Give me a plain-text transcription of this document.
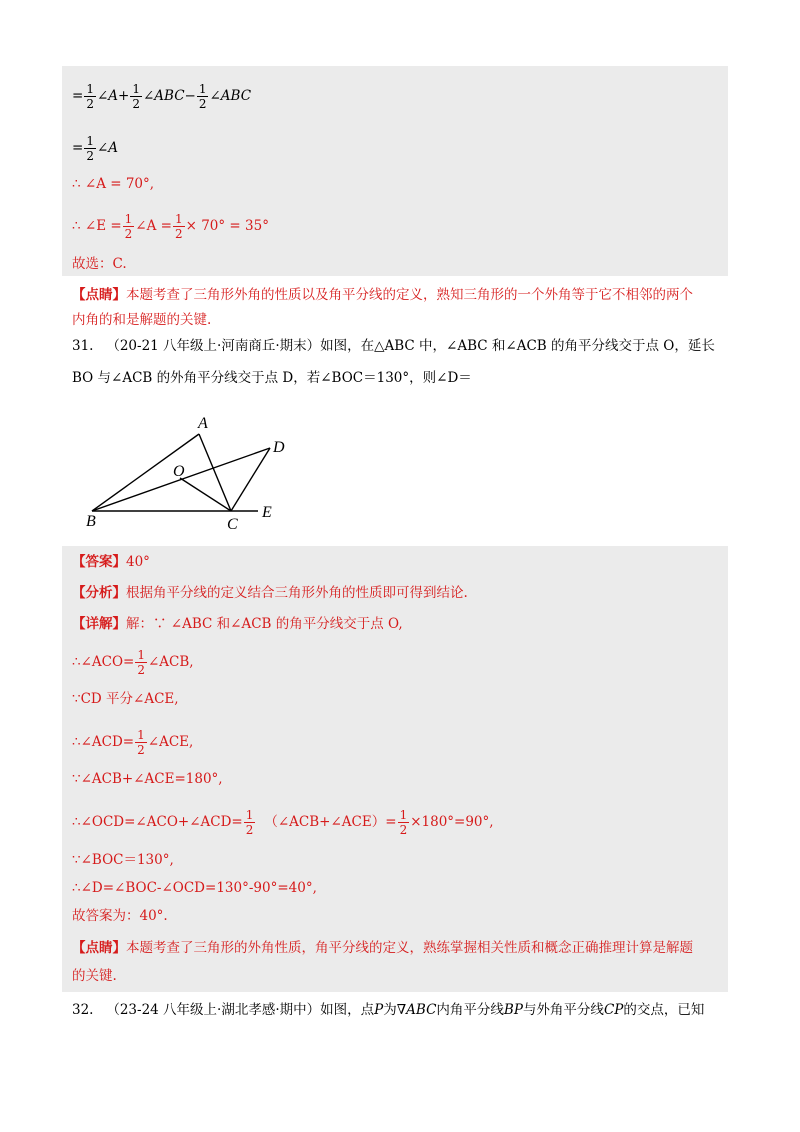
= $\frac{1}{2}$ ∠A+ $\frac{1}{2}$ ∠ABC− $\frac{1}{2}$ ∠ABC
= $\frac{1}{2}$ ∠A
∴ ∠A = 70°,
∴ ∠E = $\frac{1}{2}$ ∠A = $\frac{1}{2} \times 70^\circ = 35^\circ$
故选：C.
【点睛】本题考查了三角形外角的性质以及角平分线的定义，熟知三角形的一个外角等于它不相邻的两个
内角的和是解题的关键.
31.   （20-21 八年级上·河南商丘·期末）如图，在△ABC 中，∠ABC 和∠ACB 的角平分线交于点 O，延长
BO 与∠ACB 的外角平分线交于点 D，若∠BOC＝130°，则∠D＝
A
D
O
B	C
E
【答案】40°
【分析】根据角平分线的定义结合三角形外角的性质即可得到结论.
【详解】解：∵ ∠ABC 和∠ACB 的角平分线交于点 O,
∴∠ACO= $\frac{1}{2}$ ∠ACB,
∵CD 平分∠ACE,
∴∠ACD= $\frac{1}{2}$ ∠ACE,
∵∠ACB+∠ACE=180°,
∴∠OCD=∠ACO+∠ACD= $\frac{1}{2}$ （∠ACB+∠ACE）= $\frac{1}{2} \times 180^\circ=90^\circ$,
∵∠BOC＝130°,
∴∠D=∠BOC-∠OCD=130°-90°=40°,
故答案为：40°.
【点睛】本题考查了三角形的外角性质，角平分线的定义，熟练掌握相关性质和概念正确推理计算是解题
的关键.
32.   （23-24 八年级上·湖北孝感·期中）如图，点P为∇ABC内角平分线BP与外角平分线CP的交点，已知
